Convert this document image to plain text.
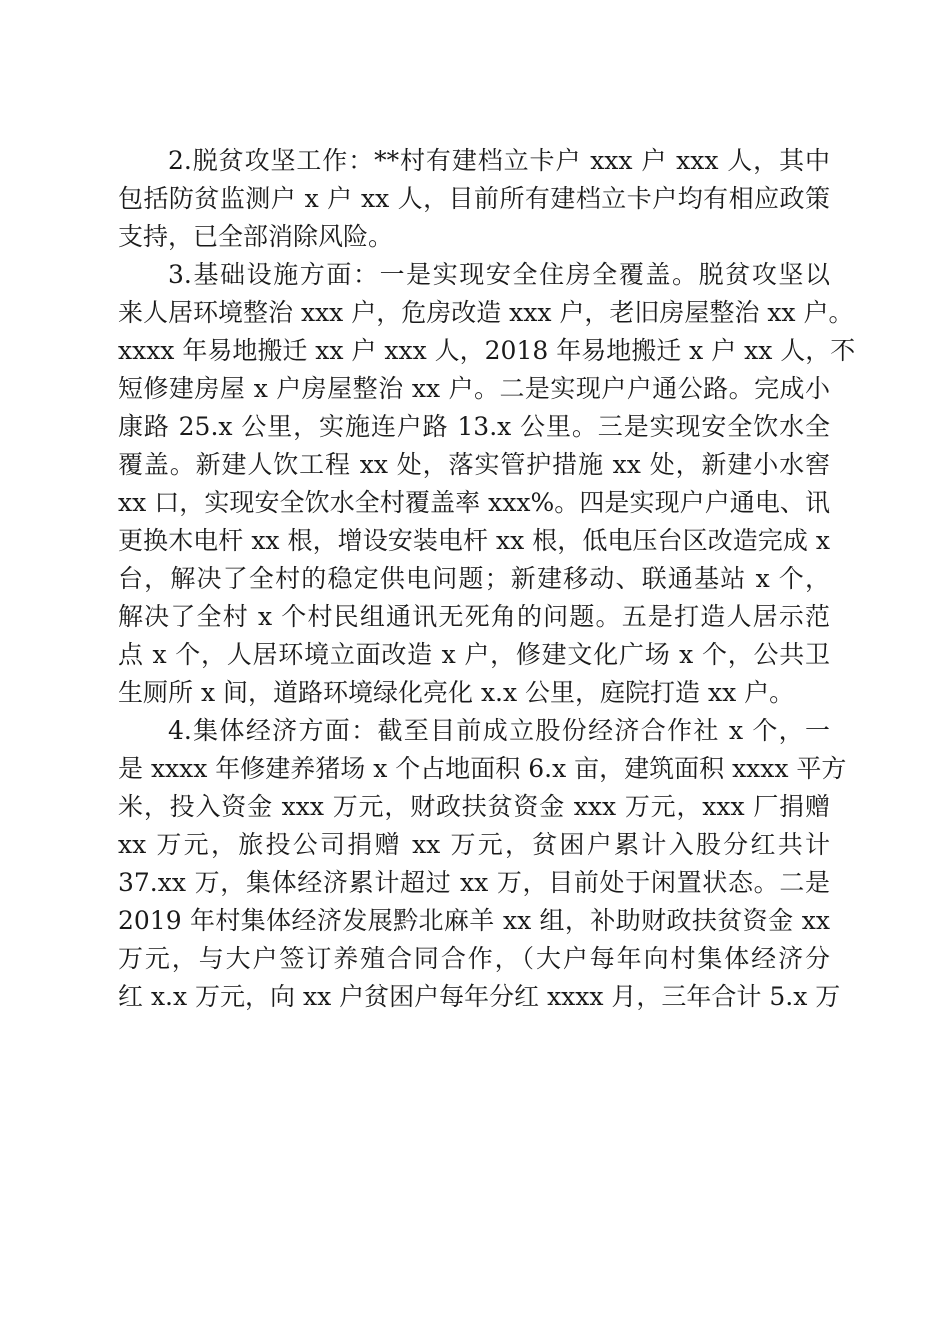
2.脱贫攻坚工作：**村有建档立卡户 xxx 户 xxx 人，其中
包括防贫监测户 x 户 xx 人，目前所有建档立卡户均有相应政策
支持，已全部消除风险。
3.基础设施方面：一是实现安全住房全覆盖。脱贫攻坚以
来人居环境整治 xxx 户，危房改造 xxx 户，老旧房屋整治 xx 户。
xxxx 年易地搬迁 xx 户 xxx 人，2018 年易地搬迁 x 户 xx 人，不
短修建房屋 x 户房屋整治 xx 户。二是实现户户通公路。完成小
康路 25.x 公里，实施连户路 13.x 公里。三是实现安全饮水全
覆盖。新建人饮工程 xx 处，落实管护措施 xx 处，新建小水窖
xx 口，实现安全饮水全村覆盖率 xxx%。四是实现户户通电、讯
更换木电杆 xx 根，增设安装电杆 xx 根，低电压台区改造完成 x
台，解决了全村的稳定供电问题；新建移动、联通基站 x 个，
解决了全村 x 个村民组通讯无死角的问题。五是打造人居示范
点 x 个，人居环境立面改造 x 户，修建文化广场 x 个，公共卫
生厕所 x 间，道路环境绿化亮化 x.x 公里，庭院打造 xx 户。
4.集体经济方面：截至目前成立股份经济合作社 x 个，一
是 xxxx 年修建养猪场 x 个占地面积 6.x 亩，建筑面积 xxxx 平方
米，投入资金 xxx 万元，财政扶贫资金 xxx 万元，xxx 厂捐赠
xx 万元，旅投公司捐赠 xx 万元，贫困户累计入股分红共计
37.xx 万，集体经济累计超过 xx 万，目前处于闲置状态。二是
2019 年村集体经济发展黔北麻羊 xx 组，补助财政扶贫资金 xx
万元，与大户签订养殖合同合作，（大户每年向村集体经济分
红 x.x 万元，向 xx 户贫困户每年分红 xxxx 月，三年合计 5.x 万
